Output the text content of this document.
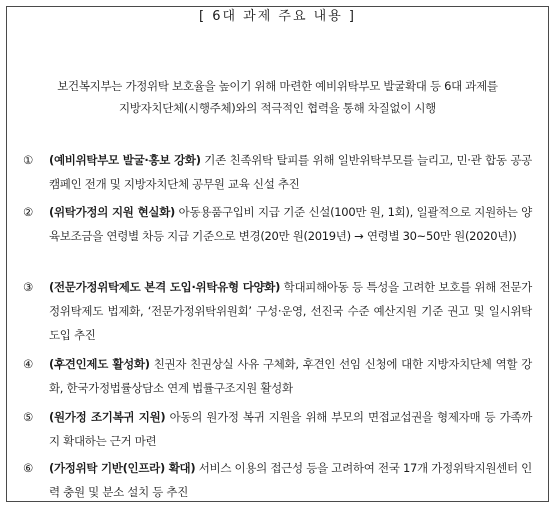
[ 6대 과제 주요 내용 ]
보건복지부는 가정위탁 보호율을 높이기 위해 마련한 예비위탁부모 발굴확대 등 6대 과제를
지방자치단체(시행주체)와의 적극적인 협력을 통해 차질없이 시행
①	(예비위탁부모 발굴·홍보 강화) 기존 친족위탁 탈피를 위해 일반위탁부모를 늘리고, 민·관 합동 공공캠페인 전개 및 지방자치단체 공무원 교육 신설 추진
②	(위탁가정의 지원 현실화) 아동용품구입비 지급 기준 신설(100만 원, 1회), 일괄적으로 지원하는 양육보조금을 연령별 차등 지급 기준으로 변경(20만 원(2019년) → 연령별 30~50만 원(2020년))
③	(전문가정위탁제도 본격 도입·위탁유형 다양화) 학대피해아동 등 특성을 고려한 보호를 위해 전문가정위탁제도 법제화, ‘전문가정위탁위원회’ 구성·운영, 선진국 수준 예산지원 기준 권고 및 일시위탁 도입 추진
④	(후견인제도 활성화) 친권자 친권상실 사유 구체화, 후견인 선임 신청에 대한 지방자치단체 역할 강화, 한국가정법률상담소 연계 법률구조지원 활성화
⑤	(원가정 조기복귀 지원) 아동의 원가정 복귀 지원을 위해 부모의 면접교섭권을 형제자매 등 가족까지 확대하는 근거 마련
⑥	(가정위탁 기반(인프라) 확대) 서비스 이용의 접근성 등을 고려하여 전국 17개 가정위탁지원센터 인력 충원 및 분소 설치 등 추진
